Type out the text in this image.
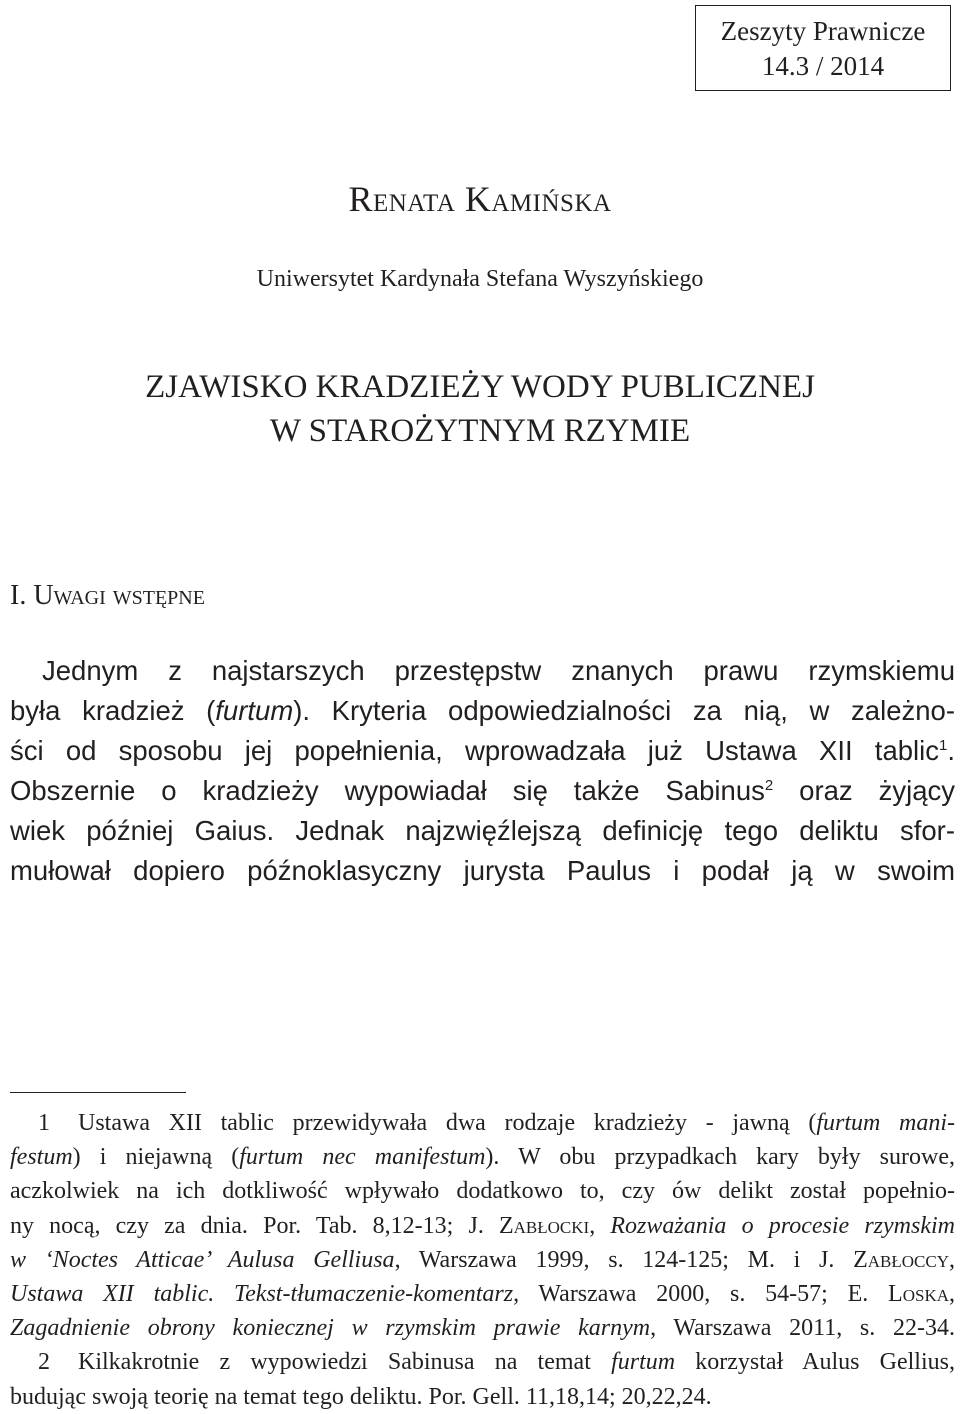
Zeszyty Prawnicze
14.3 / 2014
Renata Kamińska
Uniwersytet Kardynała Stefana Wyszyńskiego
ZJAWISKO KRADZIEŻY WODY PUBLICZNEJ
W STAROŻYTNYM RZYMIE
I. Uwagi wstępne
Jednym z najstarszych przestępstw znanych prawu rzymskiemu
była kradzież (furtum). Kryteria odpowiedzialności za nią, w zależno-
ści od sposobu jej popełnienia, wprowadzała już Ustawa XII tablic$^1$.
Obszernie o kradzieży wypowiadał się także Sabinus$^2$ oraz żyjący
wiek później Gaius. Jednak najzwięźlejszą definicję tego deliktu sfor-
mułował dopiero późnoklasyczny jurysta Paulus i podał ją w swoim
1 Ustawa XII tablic przewidywała dwa rodzaje kradzieży - jawną (furtum mani-
festum) i niejawną (furtum nec manifestum). W obu przypadkach kary były surowe,
aczkolwiek na ich dotkliwość wpływało dodatkowo to, czy ów delikt został popełnio-
ny nocą, czy za dnia. Por. Tab. 8,12-13; J. Zabłocki, Rozważania o procesie rzymskim
w ‘Noctes Atticae’ Aulusa Gelliusa, Warszawa 1999, s. 124-125; M. i J. Zabłoccy,
Ustawa XII tablic. Tekst-tłumaczenie-komentarz, Warszawa 2000, s. 54-57; E. Loska,
Zagadnienie obrony koniecznej w rzymskim prawie karnym, Warszawa 2011, s. 22-34.
2 Kilkakrotnie z wypowiedzi Sabinusa na temat furtum korzystał Aulus Gellius,
budując swoją teorię na temat tego deliktu. Por. Gell. 11,18,14; 20,22,24.
